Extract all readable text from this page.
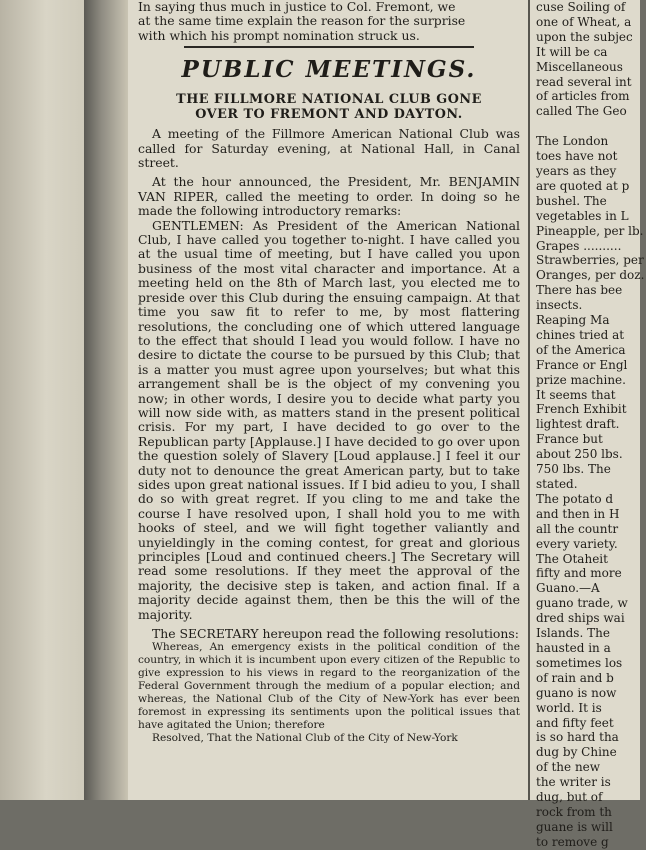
In saying thus much in justice to Col. Fremont, we

at the same time explain the reason for the surprise

with which his prompt nomination struck us.

PUBLIC MEETINGS.
THE FILLMORE NATIONAL CLUB GONE
OVER TO FREMONT AND DAYTON.

A meeting of the Fillmore American National Club was called for Saturday evening, at National Hall, in Canal street.

At the hour announced, the President, Mr. BENJAMIN VAN RIPER, called the meeting to order. In doing so he made the following introductory remarks:

GENTLEMEN: As President of the American National Club, I have called you together to-night. I have called you at the usual time of meeting, but I have called you upon business of the most vital character and importance. At a meeting held on the 8th of March last, you elected me to preside over this Club during the ensuing campaign. At that time you saw fit to refer to me, by most flattering resolutions, the concluding one of which uttered language to the effect that should I lead you would follow. I have no desire to dictate the course to be pursued by this Club; that is a matter you must agree upon yourselves; but what this arrangement shall be is the object of my convening you now; in other words, I desire you to decide what party you will now side with, as matters stand in the present political crisis. For my part, I have decided to go over to the Republican party [Applause.] I have decided to go over upon the question solely of Slavery [Loud applause.] I feel it our duty not to denounce the great American party, but to take sides upon great national issues. If I bid adieu to you, I shall do so with great regret. If you cling to me and take the course I have resolved upon, I shall hold you to me with hooks of steel, and we will fight together valiantly and unyieldingly in the coming contest, for great and glorious principles [Loud and continued cheers.] The Secretary will read some resolutions. If they meet the approval of the majority, the decisive step is taken, and action final. If a majority decide against them, then be this the will of the majority.

The SECRETARY hereupon read the following resolutions:

Whereas, An emergency exists in the political condition of the country, in which it is incumbent upon every citizen of the Republic to give expression to his views in regard to the reorganization of the Federal Government through the medium of a popular election; and whereas, the National Club of the City of New-York has ever been foremost in expressing its sentiments upon the political issues that have agitated the Union; therefore

Resolved, That the National Club of the City of New-York

cuse Soiling of
one of Wheat, a
upon the subjec
It will be ca
Miscellaneous
read several int
of articles from
called The Geo

The London
toes have not
years as they
are quoted at p
bushel. The
vegetables in L
Pineapple, per lb.
Grapes ..........
Strawberries, per
Oranges, per doz.
There has bee
insects.
Reaping Ma
chines tried at
of the America
France or Engl
prize machine.
It seems that
French Exhibit
lightest draft.
France but
about 250 lbs.
750 lbs. The
stated.
The potato d
and then in H
all the countr
every variety.
The Otaheit
fifty and more
Guano.—A
guano trade, w
dred ships wai
Islands. The
hausted in a
sometimes los
of rain and b
guano is now
world. It is
and fifty feet
is so hard tha
dug by Chine
of the new
the writer is
dug, but of
rock from th
guane is will
to remove g
